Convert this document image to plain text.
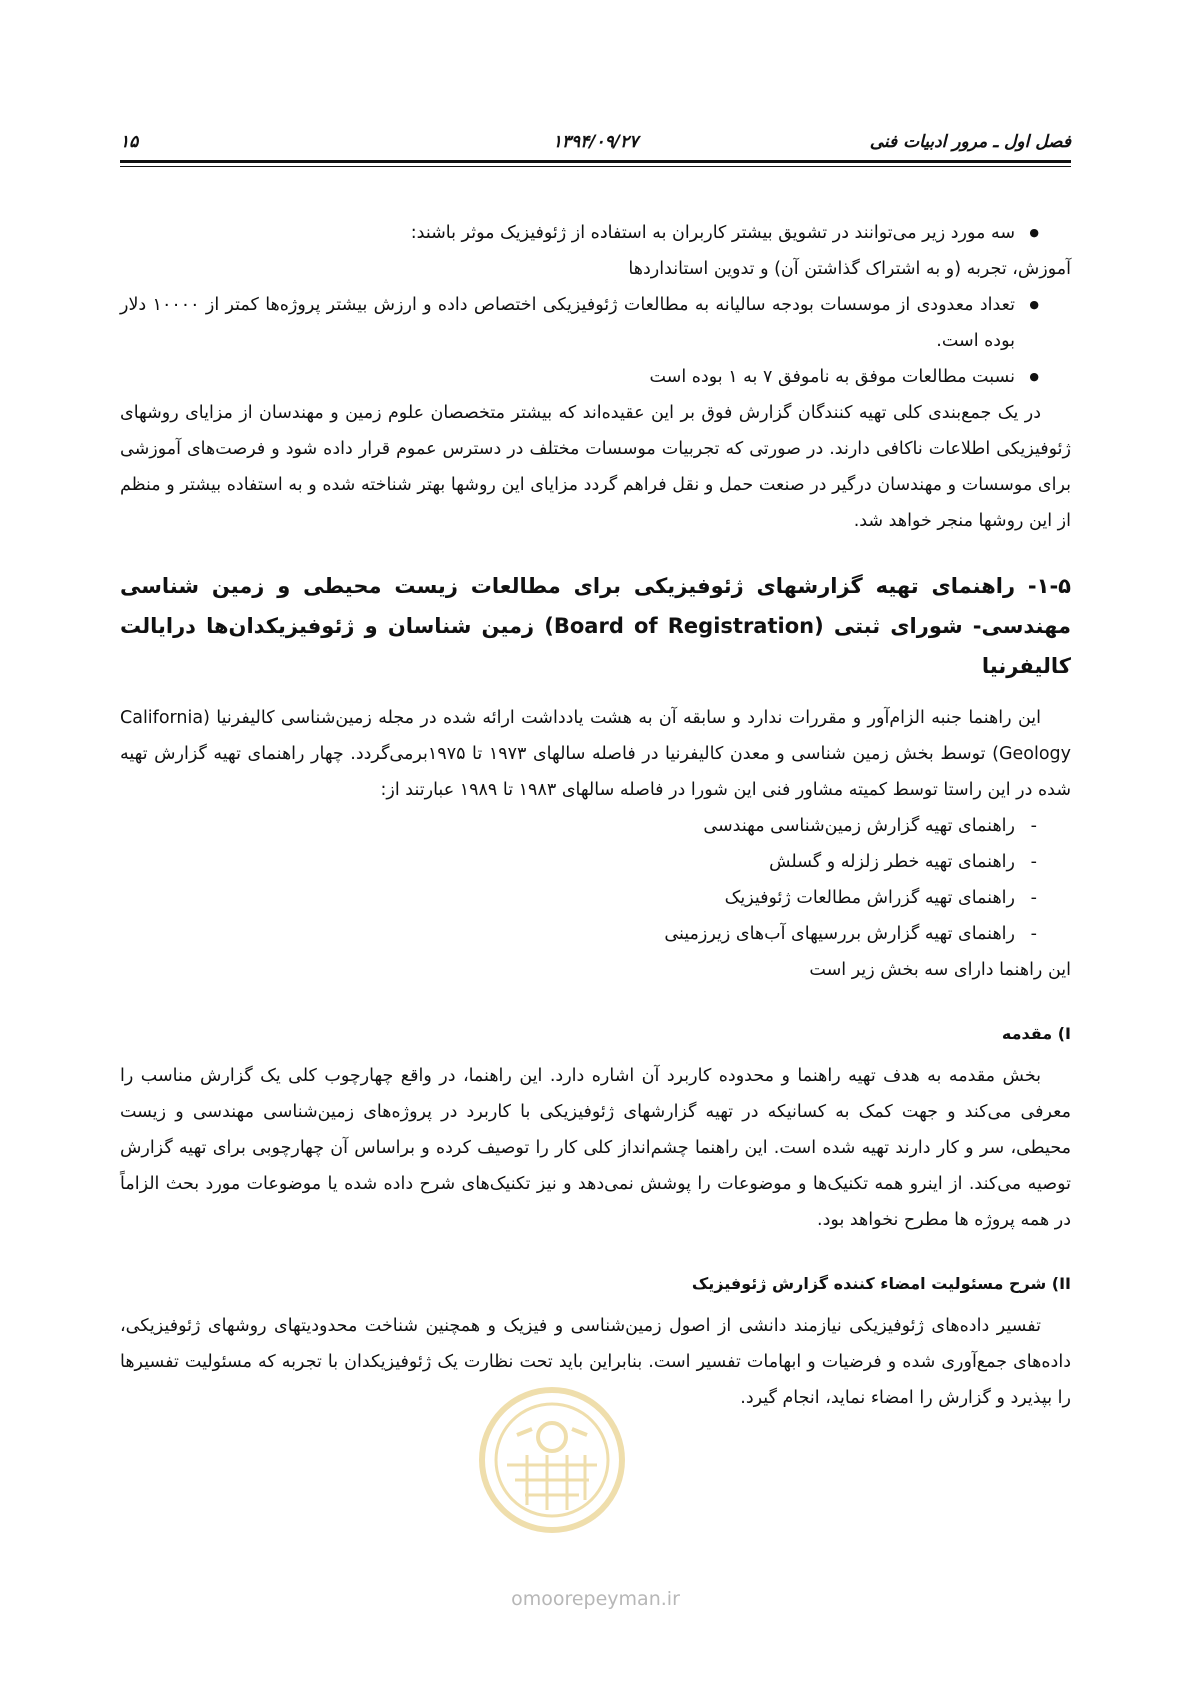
فصل اول ـ مرور ادبیات فنی
۱۳۹۴/۰۹/۲۷
۱۵
● سه مورد زیر می‌توانند در تشویق بیشتر کاربران به استفاده از ژئوفیزیک موثر باشند:

آموزش، تجربه (و به اشتراک گذاشتن آن) و تدوین استانداردها

● تعداد معدودی از موسسات بودجه سالیانه به مطالعات ژئوفیزیکی اختصاص داده و ارزش بیشتر پروژه‌ها کمتر از ۱۰۰۰۰ دلار بوده است.
● نسبت مطالعات موفق به ناموفق ۷ به ۱ بوده است

در یک جمع‌بندی کلی تهیه کنندگان گزارش فوق بر این عقیده‌اند که بیشتر متخصصان علوم زمین و مهندسان از مزایای روشهای ژئوفیزیکی اطلاعات ناکافی دارند. در صورتی که تجربیات موسسات مختلف در دسترس عموم قرار داده شود و فرصت‌های آموزشی برای موسسات و مهندسان درگیر در صنعت حمل و نقل فراهم گردد مزایای این روشها بهتر شناخته شده و به استفاده بیشتر و منظم از این روشها منجر خواهد شد.

۱-۵- راهنمای تهیه گزارشهای ژئوفیزیکی برای مطالعات زیست محیطی و زمین شناسی مهندسی- شورای ثبتی (Board of Registration) زمین شناسان و ژئوفیزیکدان‌ها درایالت کالیفرنیا

این راهنما جنبه الزام‌آور و مقررات ندارد و سابقه آن به هشت یادداشت ارائه شده در مجله زمین‌شناسی کالیفرنیا (California Geology) توسط بخش زمین شناسی و معدن کالیفرنیا در فاصله سالهای ۱۹۷۳ تا ۱۹۷۵برمی‌گردد. چهار راهنمای تهیه گزارش تهیه شده در این راستا توسط کمیته مشاور فنی این شورا در فاصله سالهای ۱۹۸۳ تا ۱۹۸۹ عبارتند از:

- راهنمای تهیه گزارش زمین‌شناسی مهندسی
- راهنمای تهیه خطر زلزله و گسلش
- راهنمای تهیه گزراش مطالعات ژئوفیزیک
- راهنمای تهیه گزارش بررسیهای آب‌های زیرزمینی

این راهنما دارای سه بخش زیر است

I) مقدمه

بخش مقدمه به هدف تهیه راهنما و محدوده کاربرد آن اشاره دارد. این راهنما، در واقع چهارچوب کلی یک گزارش مناسب را معرفی می‌کند و جهت کمک به کسانیکه در تهیه گزارشهای ژئوفیزیکی با کاربرد در پروژه‌های زمین‌شناسی مهندسی و زیست محیطی، سر و کار دارند تهیه شده است. این راهنما چشم‌انداز کلی کار را توصیف کرده و براساس آن چهارچوبی برای تهیه گزارش توصیه می‌کند. از اینرو همه تکنیک‌ها و موضوعات را پوشش نمی‌دهد و نیز تکنیک‌های شرح داده شده یا موضوعات مورد بحث الزاماً در همه پروژه ها مطرح نخواهد بود.

II) شرح مسئولیت امضاء کننده گزارش ژئوفیزیک

تفسیر داده‌های ژئوفیزیکی نیازمند دانشی از اصول زمین‌شناسی و فیزیک و همچنین شناخت محدودیتهای روشهای ژئوفیزیکی، داده‌های جمع‌آوری شده و فرضیات و ابهامات تفسیر است. بنابراین باید تحت نظارت یک ژئوفیزیکدان با تجربه که مسئولیت تفسیرها را بپذیرد و گزارش را امضاء نماید، انجام گیرد.

omoorepeyman.ir
